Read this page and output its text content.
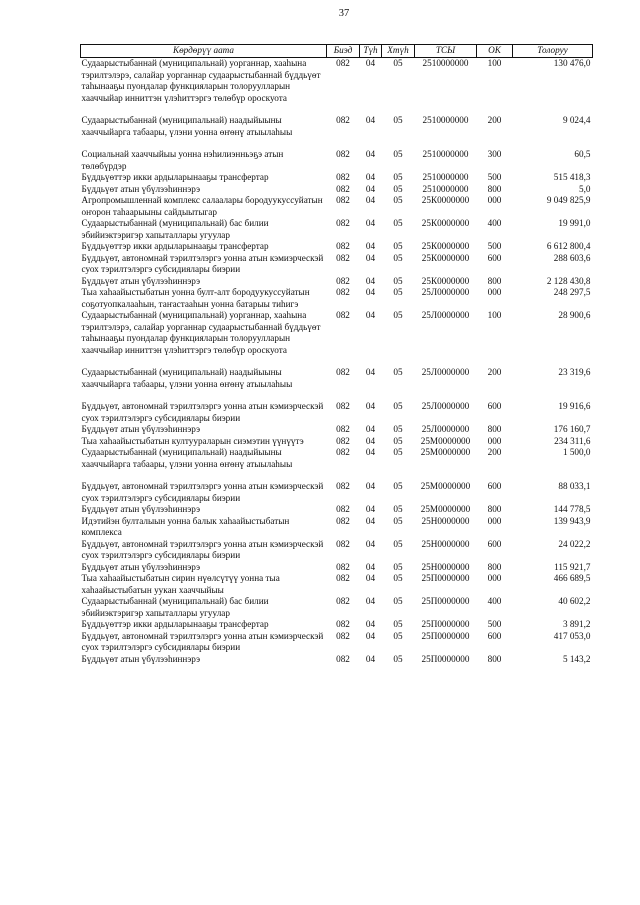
37
Көрдөрүү аата	Биэд	Түһ	Хтүһ	ТСЫ	ОК	Толоруу
Судаарыстыбаннай (муниципальнай) уорганнар, хааһына тэрилтэлэрэ, салайар уорганнар судаарыстыбаннай бүддьүөт таһынааҕы пуондалар функцияларын толоруулларын хааччыйар инниттэн үлэһиттэргэ төлөбүр ороскуота	082	04	05	2510000000	100	130 476,0
Судаарыстыбаннай (муниципальнай) наадыйыыны хааччыйарга табаары, үлэни уонна өҥөнү атыылаһыы	082	04	05	2510000000	200	9 024,4
Социальнай хааччыйыы уонна нэһилиэнньэҕэ атын төлөбүрдэр	082	04	05	2510000000	300	60,5
Бүддьүөттэр икки ардыларынааҕы трансфертар	082	04	05	2510000000	500	515 418,3
Бүддьүөт атын үбүлээһиннэрэ	082	04	05	2510000000	800	5,0
Агропромышленнай комплекс салаалары бородуукуссуйатын оҥорон таһаарыыны сайдыытыгар	082	04	05	25К0000000	000	9 049 825,9
Судаарыстыбаннай (муниципальнай) бас билии эбийиэктэригэр хапыталлары угуулар	082	04	05	25К0000000	400	19 991,0
Бүддьүөттэр икки ардыларынааҕы трансфертар	082	04	05	25К0000000	500	6 612 800,4
Бүддьүөт, автономнай тэрилтэлэргэ уонна атын кэмиэрческэй суох тэрилтэлэргэ субсидиялары биэрии	082	04	05	25К0000000	600	288 603,6
Бүддьүөт атын үбүлээһиннэрэ	082	04	05	25К0000000	800	2 128 430,8
Тыа хаһаайыстыбатын уонна булт-алт бородуукуссуйатын соҕотуопкалааһын, таҥастааһын уонна батарыы тиһигэ	082	04	05	25Л0000000	000	248 297,5
Судаарыстыбаннай (муниципальнай) уорганнар, хааһына тэрилтэлэрэ, салайар уорганнар судаарыстыбаннай бүддьүөт таһынааҕы пуондалар функцияларын толоруулларын хааччыйар инниттэн үлэһиттэргэ төлөбүр ороскуота	082	04	05	25Л0000000	100	28 900,6
Судаарыстыбаннай (муниципальнай) наадыйыыны хааччыйарга табаары, үлэни уонна өҥөнү атыылаһыы	082	04	05	25Л0000000	200	23 319,6
Бүддьүөт, автономнай тэрилтэлэргэ уонна атын кэмиэрческэй суох тэрилтэлэргэ субсидиялары биэрии	082	04	05	25Л0000000	600	19 916,6
Бүддьүөт атын үбүлээһиннэрэ	082	04	05	25Л0000000	800	176 160,7
Тыа хаһаайыстыбатын култуураларын сиэмэтин үүнүүтэ	082	04	05	25М0000000	000	234 311,6
Судаарыстыбаннай (муниципальнай) наадыйыыны хааччыйарга табаары, үлэни уонна өҥөнү атыылаһыы	082	04	05	25М0000000	200	1 500,0
Бүддьүөт, автономнай тэрилтэлэргэ уонна атын кэмиэрческэй суох тэрилтэлэргэ субсидиялары биэрии	082	04	05	25М0000000	600	88 033,1
Бүддьүөт атын үбүлээһиннэрэ	082	04	05	25М0000000	800	144 778,5
Идэтийэн булталыын уонна балык хаһаайыстыбатын комплекса	082	04	05	25Н0000000	000	139 943,9
Бүддьүөт, автономнай тэрилтэлэргэ уонна атын кэмиэрческэй суох тэрилтэлэргэ субсидиялары биэрии	082	04	05	25Н0000000	600	24 022,2
Бүддьүөт атын үбүлээһиннэрэ	082	04	05	25Н0000000	800	115 921,7
Тыа хаһаайыстыбатын сирин нүөлсүтүү уонна тыа хаһаайыстыбатын уукан хааччыйыы	082	04	05	25П0000000	000	466 689,5
Судаарыстыбаннай (муниципальнай) бас билии эбийиэктэригэр хапыталлары угуулар	082	04	05	25П0000000	400	40 602,2
Бүддьүөттэр икки ардыларынааҕы трансфертар	082	04	05	25П0000000	500	3 891,2
Бүддьүөт, автономнай тэрилтэлэргэ уонна атын кэмиэрческэй суох тэрилтэлэргэ субсидиялары биэрии	082	04	05	25П0000000	600	417 053,0
Бүддьүөт атын үбүлээһиннэрэ	082	04	05	25П0000000	800	5 143,2
